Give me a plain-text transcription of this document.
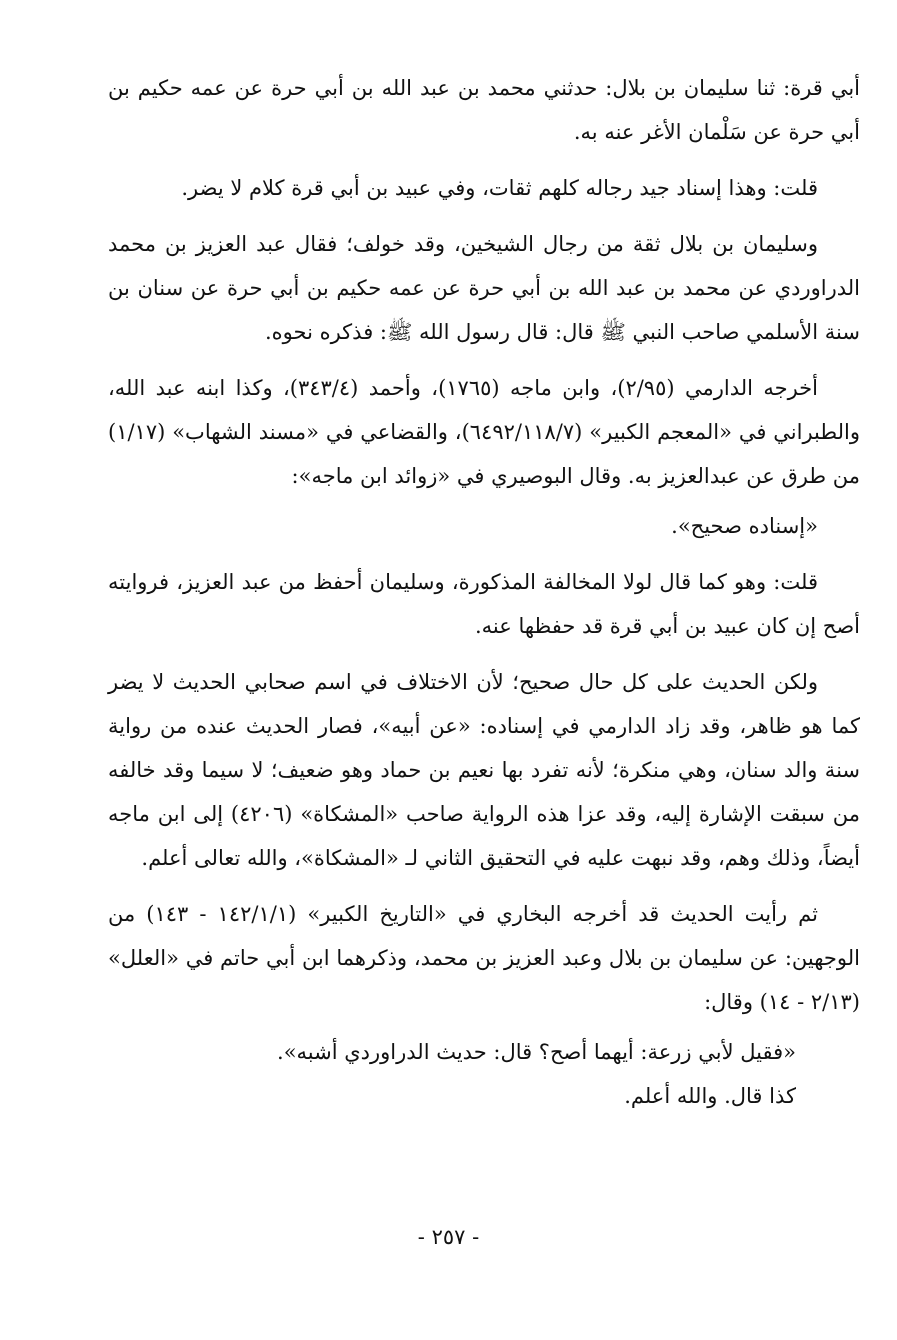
أبي قرة: ثنا سليمان بن بلال: حدثني محمد بن عبد الله بن أبي حرة عن عمه حكيم بن أبي حرة عن سَلْمان الأغر عنه به.

قلت: وهذا إسناد جيد رجاله كلهم ثقات، وفي عبيد بن أبي قرة كلام لا يضر.

وسليمان بن بلال ثقة من رجال الشيخين، وقد خولف؛ فقال عبد العزيز بن محمد الدراوردي عن محمد بن عبد الله بن أبي حرة عن عمه حكيم بن أبي حرة عن سنان بن سنة الأسلمي صاحب النبي ﷺ قال: قال رسول الله ﷺ: فذكره نحوه.

أخرجه الدارمي (٢/٩٥)، وابن ماجه (١٧٦٥)، وأحمد (٣٤٣/٤)، وكذا ابنه عبد الله، والطبراني في «المعجم الكبير» (٦٤٩٢/١١٨/٧)، والقضاعي في «مسند الشهاب» (١/١٧) من طرق عن عبدالعزيز به. وقال البوصيري في «زوائد ابن ماجه»:

«إسناده صحيح».

قلت: وهو كما قال لولا المخالفة المذكورة، وسليمان أحفظ من عبد العزيز، فروايته أصح إن كان عبيد بن أبي قرة قد حفظها عنه.

ولكن الحديث على كل حال صحيح؛ لأن الاختلاف في اسم صحابي الحديث لا يضر كما هو ظاهر، وقد زاد الدارمي في إسناده: «عن أبيه»، فصار الحديث عنده من رواية سنة والد سنان، وهي منكرة؛ لأنه تفرد بها نعيم بن حماد وهو ضعيف؛ لا سيما وقد خالفه من سبقت الإشارة إليه، وقد عزا هذه الرواية صاحب «المشكاة» (٤٢٠٦) إلى ابن ماجه أيضاً، وذلك وهم، وقد نبهت عليه في التحقيق الثاني لـ «المشكاة»، والله تعالى أعلم.

ثم رأيت الحديث قد أخرجه البخاري في «التاريخ الكبير» (١٤٢/١/١ - ١٤٣) من الوجهين: عن سليمان بن بلال وعبد العزيز بن محمد، وذكرهما ابن أبي حاتم في «العلل» (٢/١٣ - ١٤) وقال:

«فقيل لأبي زرعة: أيهما أصح؟ قال: حديث الدراوردي أشبه».

كذا قال. والله أعلم.

- ٢٥٧ -
